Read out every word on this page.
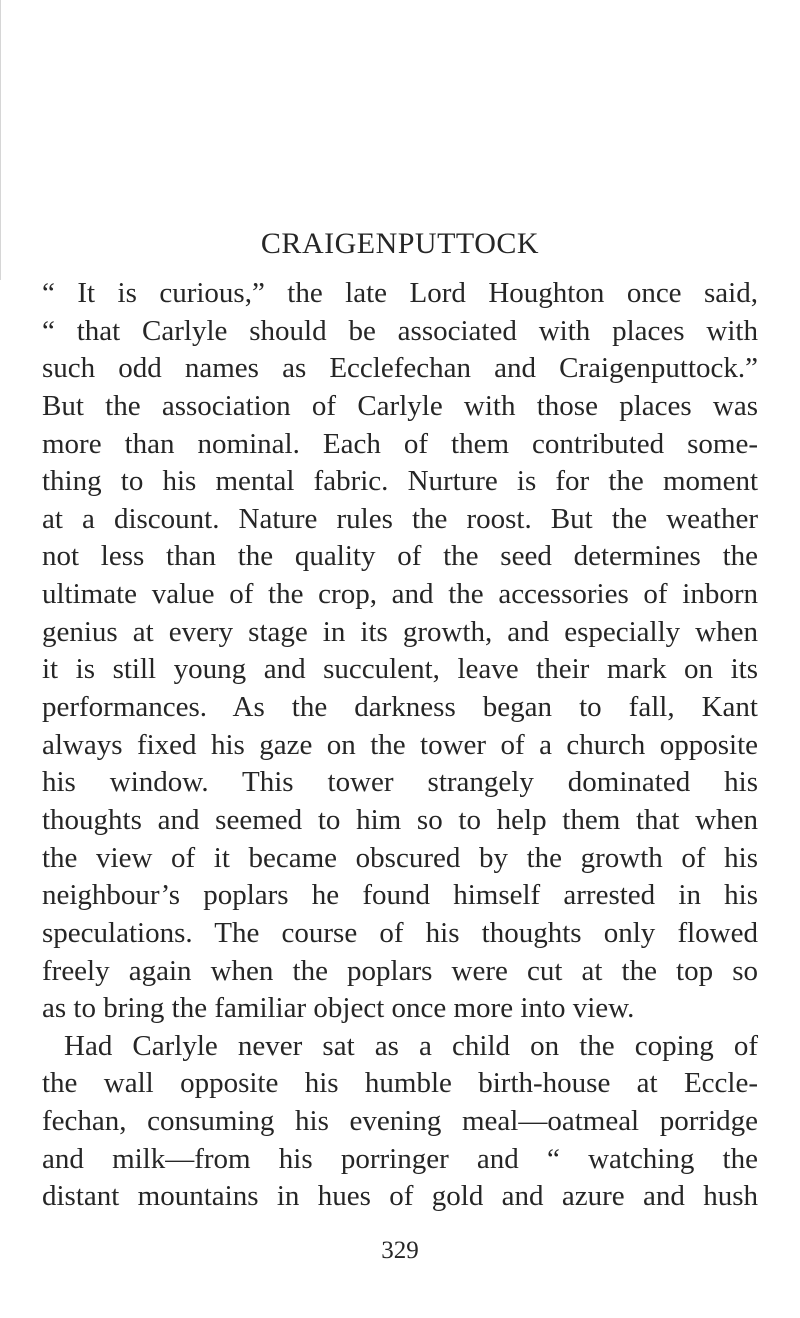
CRAIGENPUTTOCK
“ It is curious,” the late Lord Houghton once said,
“ that Carlyle should be associated with places with
such odd names as Ecclefechan and Craigenputtock.”
But the association of Carlyle with those places was
more than nominal. Each of them contributed some-
thing to his mental fabric. Nurture is for the moment
at a discount. Nature rules the roost. But the weather
not less than the quality of the seed determines the
ultimate value of the crop, and the accessories of inborn
genius at every stage in its growth, and especially when
it is still young and succulent, leave their mark on its
performances. As the darkness began to fall, Kant
always fixed his gaze on the tower of a church opposite
his window. This tower strangely dominated his
thoughts and seemed to him so to help them that when
the view of it became obscured by the growth of his
neighbour’s poplars he found himself arrested in his
speculations. The course of his thoughts only flowed
freely again when the poplars were cut at the top so
as to bring the familiar object once more into view.
Had Carlyle never sat as a child on the coping of
the wall opposite his humble birth-house at Eccle-
fechan, consuming his evening meal—oatmeal porridge
and milk—from his porringer and “ watching the
distant mountains in hues of gold and azure and hush
329
